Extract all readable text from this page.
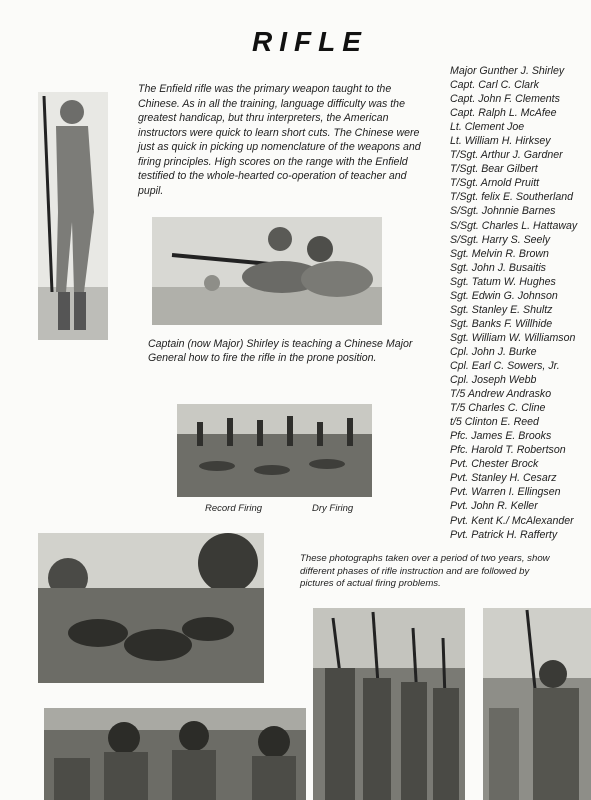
RIFLE
The Enfield rifle was the primary weapon taught to the Chinese. As in all the training, language difficulty was the greatest handicap, but thru interpreters, the American instructors were quick to learn short cuts. The Chinese were just as quick in picking up nomenclature of the weapons and firing principles. High scores on the range with the Enfield testified to the whole-hearted co-operation of teacher and pupil.
Major Gunther J. Shirley
Capt. Carl C. Clark
Capt. John F. Clements
Capt. Ralph L. McAfee
Lt. Clement Joe
Lt. William H. Hirksey
T/Sgt. Arthur J. Gardner
T/Sgt. Bear Gilbert
T/Sgt. Arnold Pruitt
T/Sgt. felix E. Southerland
S/Sgt. Johnnie Barnes
S/Sgt. Charles L. Hattaway
S/Sgt. Harry S. Seely
Sgt. Melvin R. Brown
Sgt. John J. Busaitis
Sgt. Tatum W. Hughes
Sgt. Edwin G. Johnson
Sgt. Stanley E. Shultz
Sgt. Banks F. Willhide
Sgt. William W. Williamson
Cpl. John J. Burke
Cpl. Earl C. Sowers, Jr.
Cpl. Joseph Webb
T/5 Andrew Andrasko
T/5 Charles C. Cline
t/5 Clinton E. Reed
Pfc. James E. Brooks
Pfc. Harold T. Robertson
Pvt. Chester Brock
Pvt. Stanley H. Cesarz
Pvt. Warren I. Ellingsen
Pvt. John R. Keller
Pvt. Kent K./ McAlexander
Pvt. Patrick H. Rafferty
Captain (now Major) Shirley is teaching a Chinese Major General how to fire the rifle in the prone position.
Record Firing	Dry Firing
These photographs taken over a period of two years, show different phases of rifle instruction and are followed by pictures of actual firing problems.
